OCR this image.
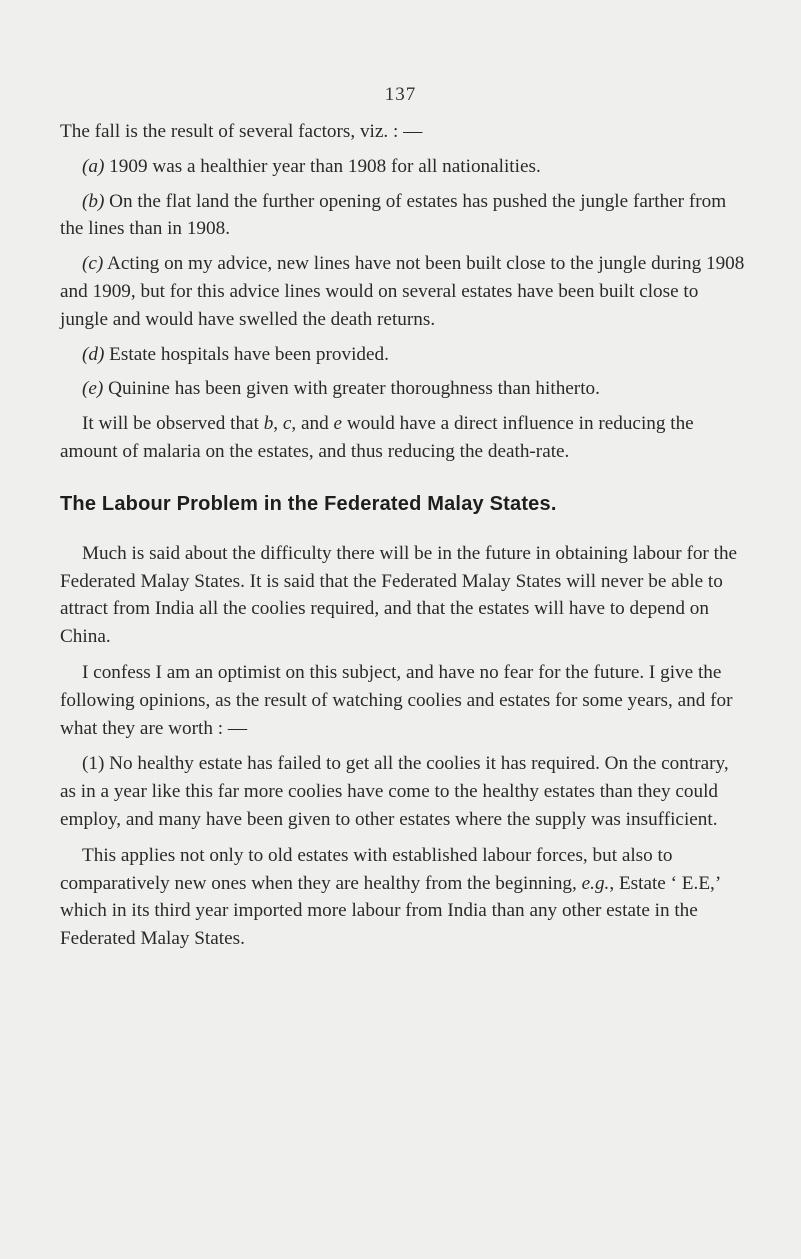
137

The fall is the result of several factors, viz. : —

(a) 1909 was a healthier year than 1908 for all nationalities.

(b) On the flat land the further opening of estates has pushed the jungle farther from the lines than in 1908.

(c) Acting on my advice, new lines have not been built close to the jungle during 1908 and 1909, but for this advice lines would on several estates have been built close to jungle and would have swelled the death returns.

(d) Estate hospitals have been provided.

(e) Quinine has been given with greater thoroughness than hitherto.

It will be observed that b, c, and e would have a direct influence in reducing the amount of malaria on the estates, and thus reducing the death-rate.

The Labour Problem in the Federated Malay States.

Much is said about the difficulty there will be in the future in obtaining labour for the Federated Malay States. It is said that the Federated Malay States will never be able to attract from India all the coolies required, and that the estates will have to depend on China.

I confess I am an optimist on this subject, and have no fear for the future. I give the following opinions, as the result of watching coolies and estates for some years, and for what they are worth : —

(1) No healthy estate has failed to get all the coolies it has required. On the contrary, as in a year like this far more coolies have come to the healthy estates than they could employ, and many have been given to other estates where the supply was insufficient.

This applies not only to old estates with established labour forces, but also to comparatively new ones when they are healthy from the beginning, e.g., Estate ‘ E.E,’ which in its third year imported more labour from India than any other estate in the Federated Malay States.
